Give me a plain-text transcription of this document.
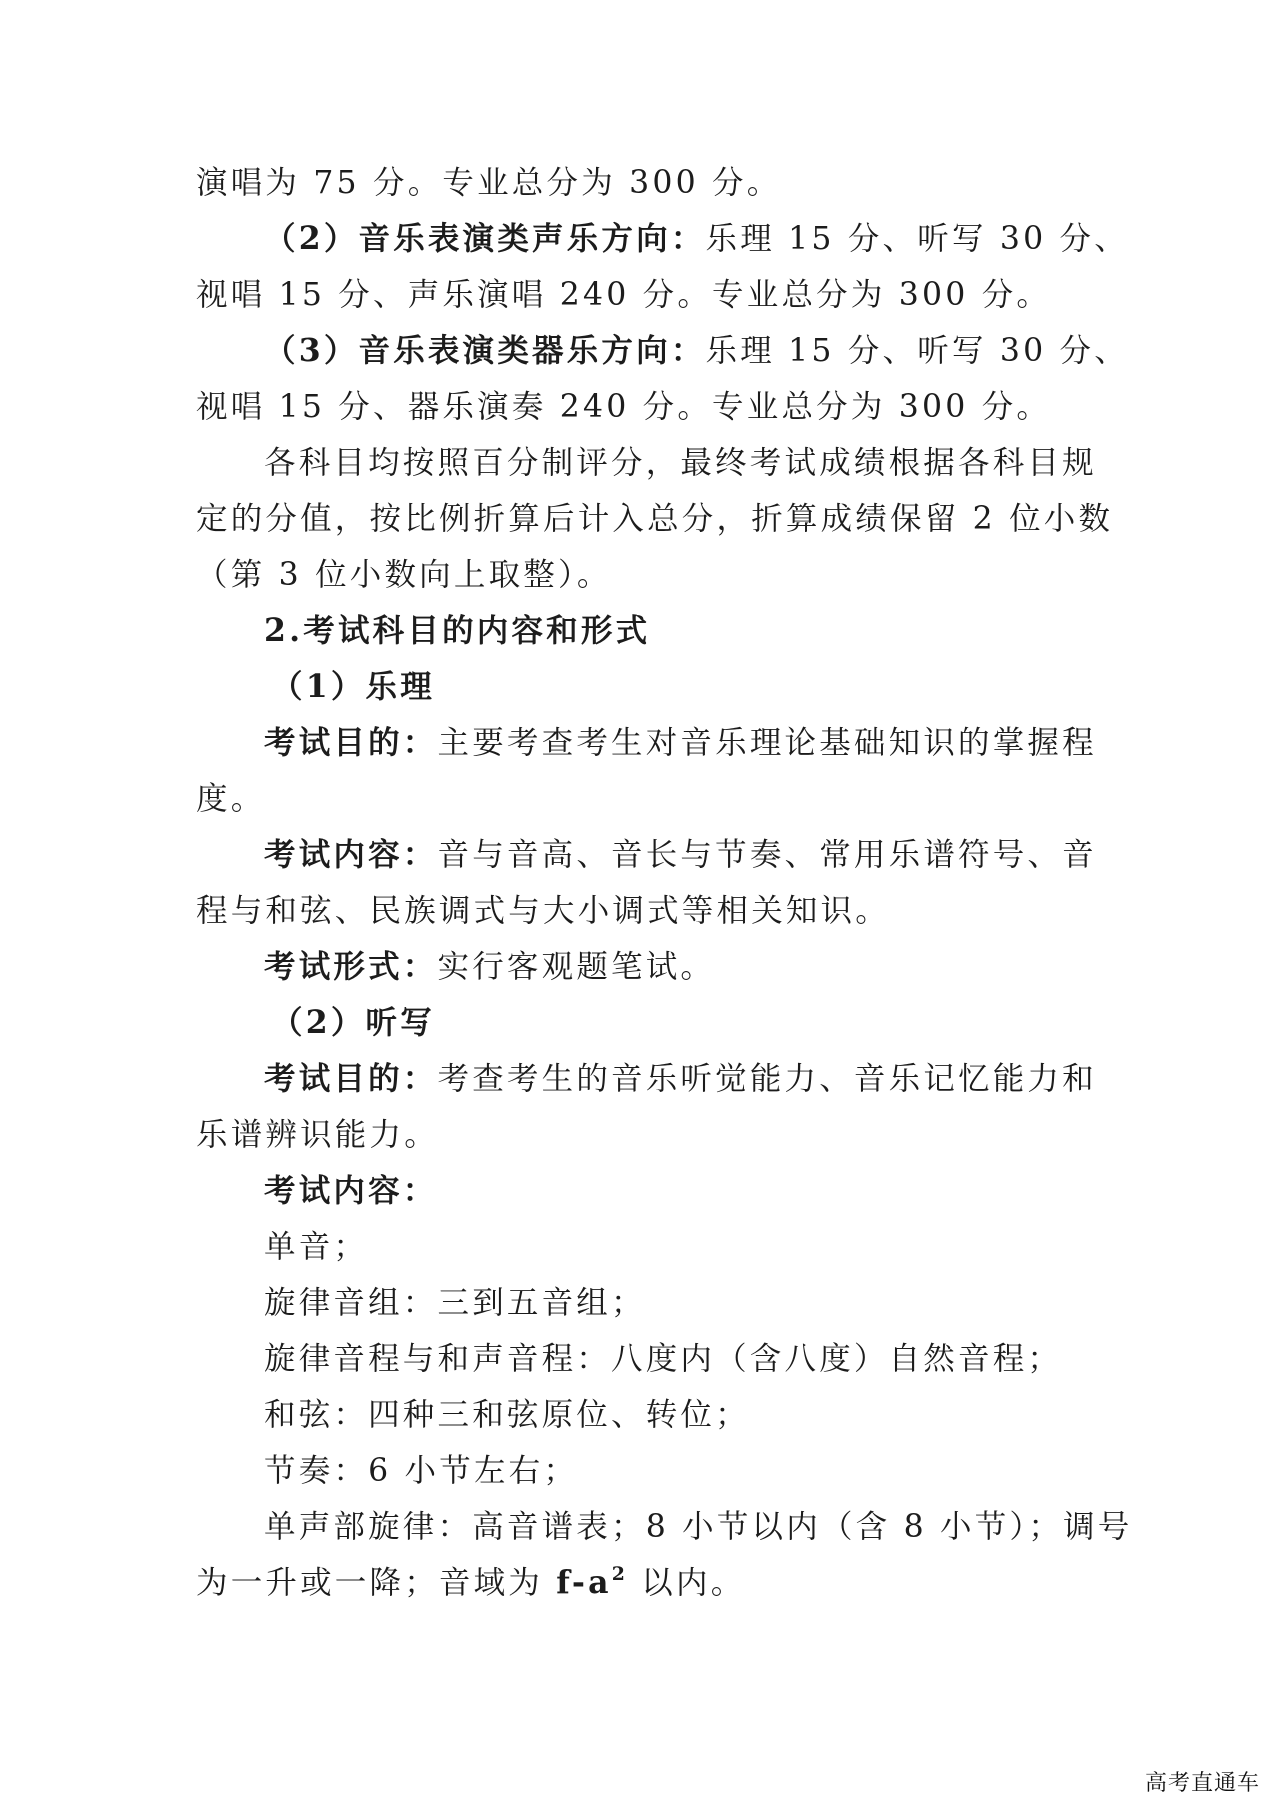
演唱为 75 分。专业总分为 300 分。
（2）音乐表演类声乐方向：乐理 15 分、听写 30 分、
视唱 15 分、声乐演唱 240 分。专业总分为 300 分。
（3）音乐表演类器乐方向：乐理 15 分、听写 30 分、
视唱 15 分、器乐演奏 240 分。专业总分为 300 分。
各科目均按照百分制评分，最终考试成绩根据各科目规
定的分值，按比例折算后计入总分，折算成绩保留 2 位小数
（第 3 位小数向上取整）。
2.考试科目的内容和形式
（1）乐理
考试目的：主要考查考生对音乐理论基础知识的掌握程
度。
考试内容：音与音高、音长与节奏、常用乐谱符号、音
程与和弦、民族调式与大小调式等相关知识。
考试形式：实行客观题笔试。
（2）听写
考试目的：考查考生的音乐听觉能力、音乐记忆能力和
乐谱辨识能力。
考试内容：
单音；
旋律音组：三到五音组；
旋律音程与和声音程：八度内（含八度）自然音程；
和弦：四种三和弦原位、转位；
节奏：6 小节左右；
单声部旋律：高音谱表；8 小节以内（含 8 小节）；调号
为一升或一降；音域为 $f-a^2$ 以内。
高考直通车
